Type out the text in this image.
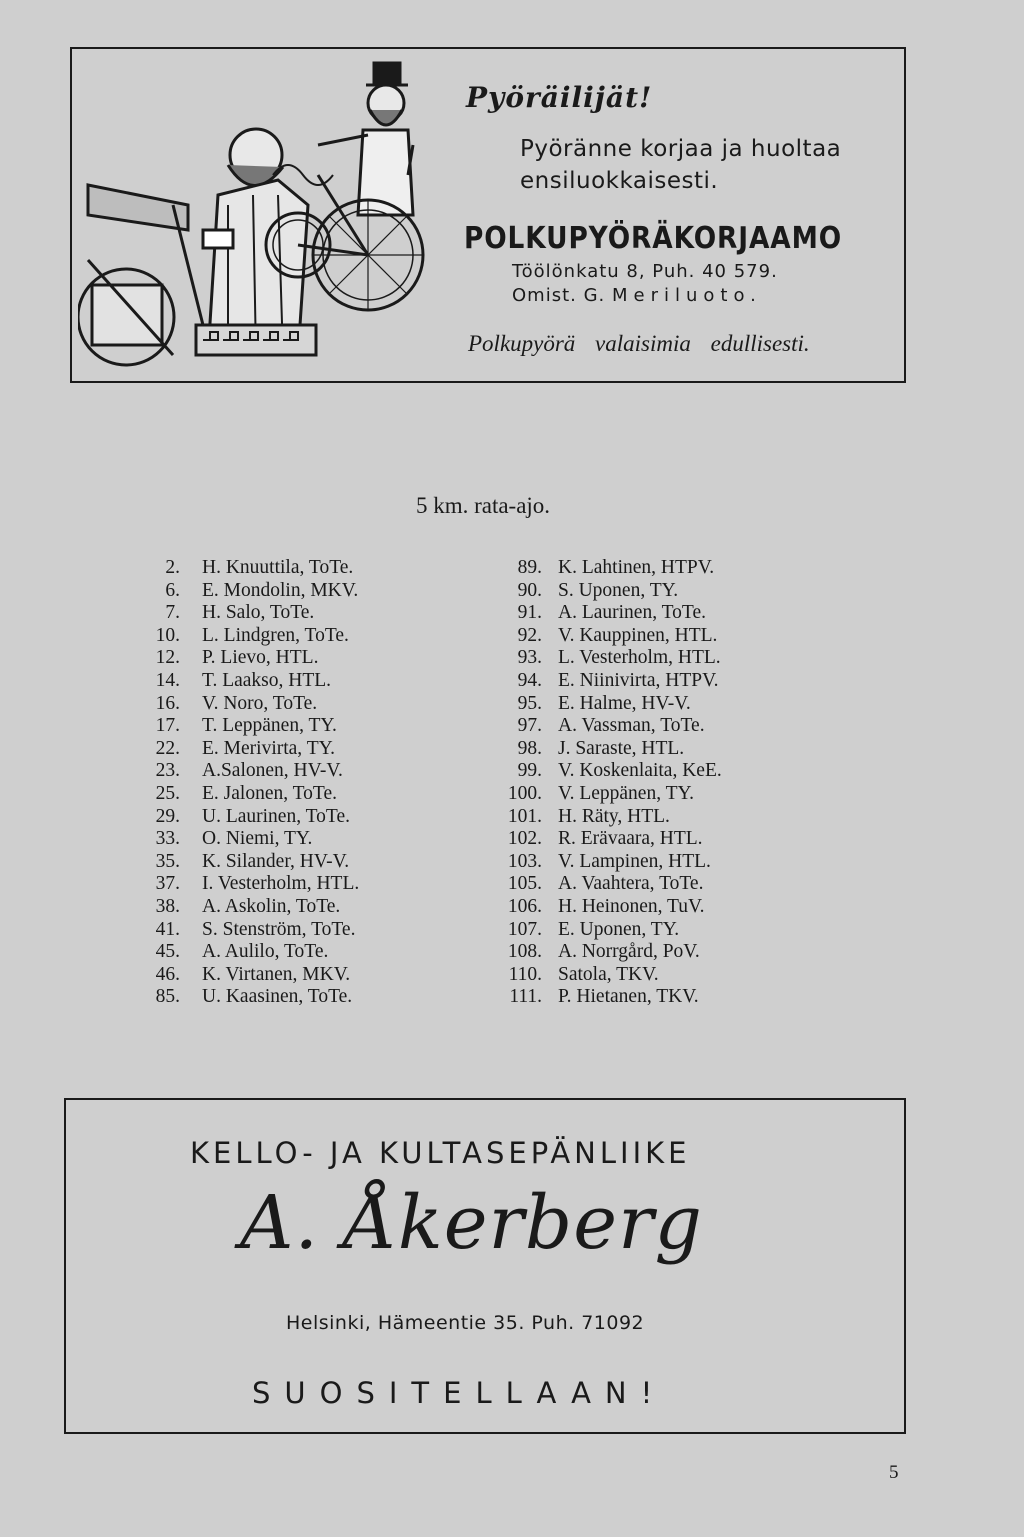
Pyöräilijät!
Pyöränne korjaa ja huoltaa ensiluokkaisesti.
POLKUPYÖRÄKORJAAMO
Töölönkatu 8, Puh. 40 579.
Omist. G. Meriluoto.
Polkupyörä valaisimia edullisesti.
5 km. rata-ajo.
2. H. Knuuttila, ToTe.
6. E. Mondolin, MKV.
7. H. Salo, ToTe.
10. L. Lindgren, ToTe.
12. P. Lievo, HTL.
14. T. Laakso, HTL.
16. V. Noro, ToTe.
17. T. Leppänen, TY.
22. E. Merivirta, TY.
23. A.Salonen, HV-V.
25. E. Jalonen, ToTe.
29. U. Laurinen, ToTe.
33. O. Niemi, TY.
35. K. Silander, HV-V.
37. I. Vesterholm, HTL.
38. A. Askolin, ToTe.
41. S. Stenström, ToTe.
45. A. Aulilo, ToTe.
46. K. Virtanen, MKV.
85. U. Kaasinen, ToTe.
89. K. Lahtinen, HTPV.
90. S. Uponen, TY.
91. A. Laurinen, ToTe.
92. V. Kauppinen, HTL.
93. L. Vesterholm, HTL.
94. E. Niinivirta, HTPV.
95. E. Halme, HV-V.
97. A. Vassman, ToTe.
98. J. Saraste, HTL.
99. V. Koskenlaita, KeE.
100. V. Leppänen, TY.
101. H. Räty, HTL.
102. R. Erävaara, HTL.
103. V. Lampinen, HTL.
105. A. Vaahtera, ToTe.
106. H. Heinonen, TuV.
107. E. Uponen, TY.
108. A. Norrgård, PoV.
110. Satola, TKV.
111. P. Hietanen, TKV.
KELLO- JA KULTASEPÄNLIIKE
A. Åkerberg
Helsinki, Hämeentie 35. Puh. 71092
SUOSITELLAAN!
5
